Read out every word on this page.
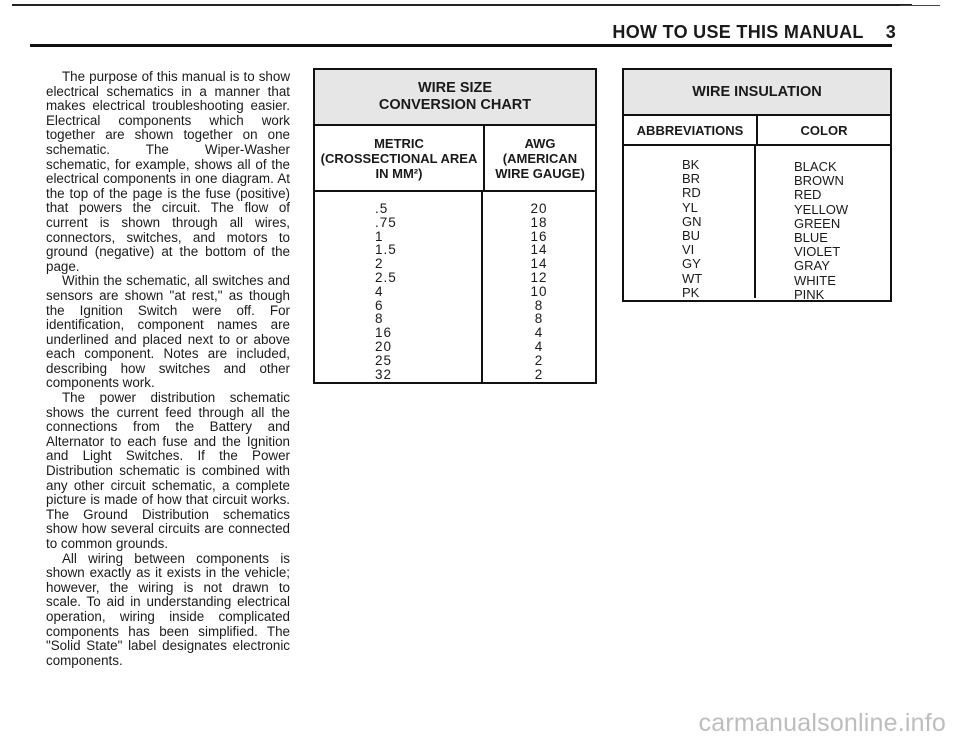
HOW TO USE THIS MANUAL 3

The purpose of this manual is to show electrical schematics in a manner that makes electrical troubleshooting easier. Electrical components which work together are shown together on one schematic. The Wiper-Washer schematic, for example, shows all of the electrical components in one diagram. At the top of the page is the fuse (positive) that powers the circuit. The flow of current is shown through all wires, connectors, switches, and motors to ground (negative) at the bottom of the page.

Within the schematic, all switches and sensors are shown "at rest," as though the Ignition Switch were off. For identification, component names are underlined and placed next to or above each component. Notes are included, describing how switches and other components work.

The power distribution schematic shows the current feed through all the connections from the Battery and Alternator to each fuse and the Ignition and Light Switches. If the Power Distribution schematic is combined with any other circuit schematic, a complete picture is made of how that circuit works. The Ground Distribution schematics show how several circuits are connected to common grounds.

All wiring between components is shown exactly as it exists in the vehicle; however, the wiring is not drawn to scale. To aid in understanding electrical operation, wiring inside complicated components has been simplified. The "Solid State" label designates electronic components.

WIRE SIZE
CONVERSION CHART
METRIC
(CROSSECTIONAL AREA
IN MM²)
AWG
(AMERICAN
WIRE GAUGE)
.5
.75
1
1.5
2
2.5
4
6
8
16
20
25
32
20
18
16
14
14
12
10
8
8
4
4
2
2
WIRE INSULATION
ABBREVIATIONS	COLOR
BK
BR
RD
YL
GN
BU
VI
GY
WT
PK
BLACK
BROWN
RED
YELLOW
GREEN
BLUE
VIOLET
GRAY
WHITE
PINK
carmanualsonline.info
